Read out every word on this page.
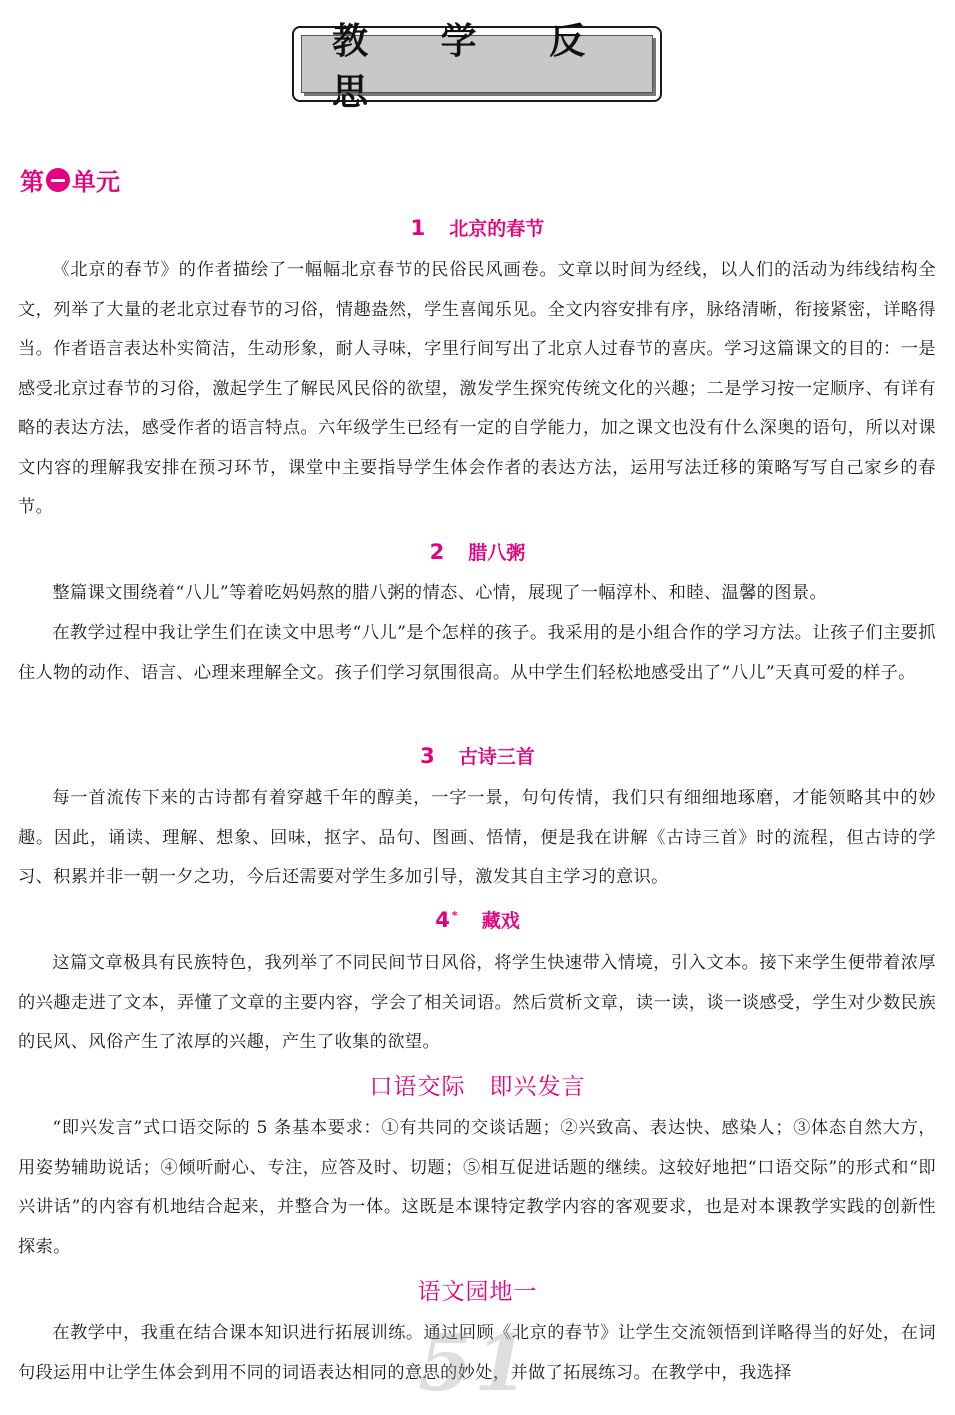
教 学 反 思
第 单元
1 北京的春节

《北京的春节》的作者描绘了一幅幅北京春节的民俗民风画卷。文章以时间为经线，以人们的活动为纬线结构全文，列举了大量的老北京过春节的习俗，情趣盎然，学生喜闻乐见。全文内容安排有序，脉络清晰，衔接紧密，详略得当。作者语言表达朴实简洁，生动形象，耐人寻味，字里行间写出了北京人过春节的喜庆。学习这篇课文的目的：一是感受北京过春节的习俗，激起学生了解民风民俗的欲望，激发学生探究传统文化的兴趣；二是学习按一定顺序、有详有略的表达方法，感受作者的语言特点。六年级学生已经有一定的自学能力，加之课文也没有什么深奥的语句，所以对课文内容的理解我安排在预习环节，课堂中主要指导学生体会作者的表达方法，运用写法迁移的策略写写自己家乡的春节。

2 腊八粥

整篇课文围绕着“八儿”等着吃妈妈熬的腊八粥的情态、心情，展现了一幅淳朴、和睦、温馨的图景。

在教学过程中我让学生们在读文中思考“八儿”是个怎样的孩子。我采用的是小组合作的学习方法。让孩子们主要抓住人物的动作、语言、心理来理解全文。孩子们学习氛围很高。从中学生们轻松地感受出了“八儿”天真可爱的样子。

3 古诗三首

每一首流传下来的古诗都有着穿越千年的醇美，一字一景，句句传情，我们只有细细地琢磨，才能领略其中的妙趣。因此，诵读、理解、想象、回味，抠字、品句、图画、悟情，便是我在讲解《古诗三首》时的流程，但古诗的学习、积累并非一朝一夕之功，今后还需要对学生多加引导，激发其自主学习的意识。

4 * 藏戏

这篇文章极具有民族特色，我列举了不同民间节日风俗，将学生快速带入情境，引入文本。接下来学生便带着浓厚的兴趣走进了文本，弄懂了文章的主要内容，学会了相关词语。然后赏析文章，读一读，谈一谈感受，学生对少数民族的民风、风俗产生了浓厚的兴趣，产生了收集的欲望。

口语交际　即兴发言

“即兴发言”式口语交际的 5 条基本要求：①有共同的交谈话题；②兴致高、表达快、感染人；③体态自然大方，用姿势辅助说话；④倾听耐心、专注，应答及时、切题；⑤相互促进话题的继续。这较好地把“口语交际”的形式和“即兴讲话”的内容有机地结合起来，并整合为一体。这既是本课特定教学内容的客观要求，也是对本课教学实践的创新性探索。

语文园地一

在教学中，我重在结合课本知识进行拓展训练。通过回顾《北京的春节》让学生交流领悟到详略得当的好处，在词句段运用中让学生体会到用不同的词语表达相同的意思的妙处，并做了拓展练习。在教学中，我选择

51
